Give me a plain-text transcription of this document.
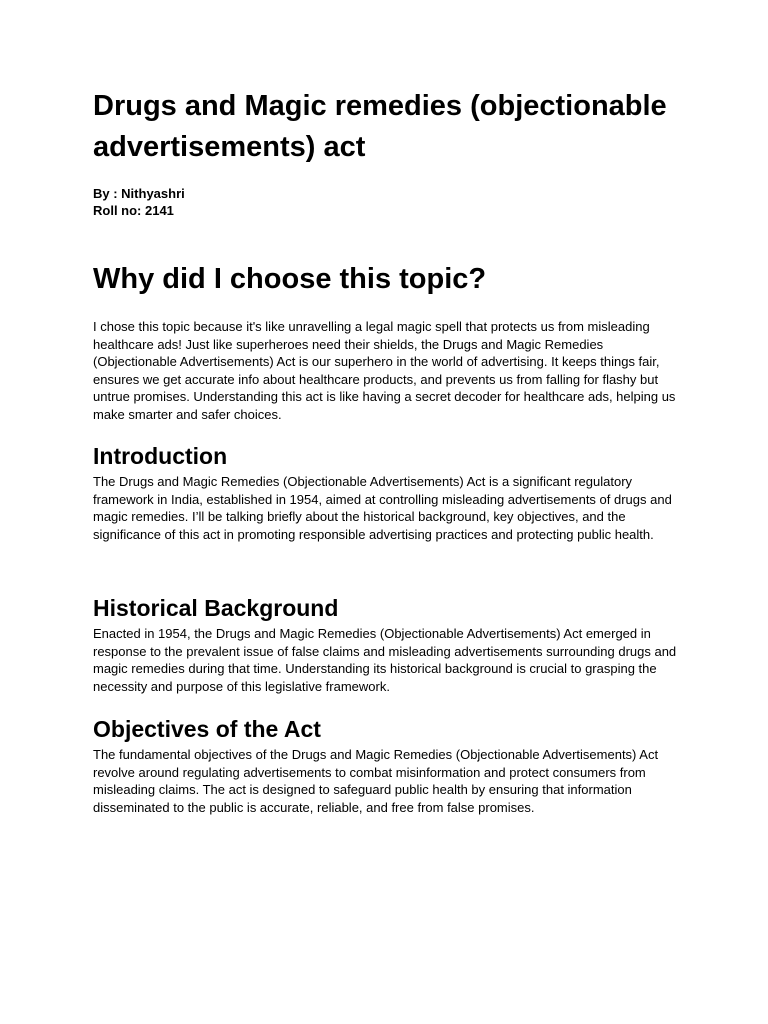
Drugs and Magic remedies (objectionable advertisements) act

By : Nithyashri
Roll no: 2141

Why did I choose this topic?

I chose this topic because it's like unravelling a legal magic spell that protects us from misleading healthcare ads! Just like superheroes need their shields, the Drugs and Magic Remedies (Objectionable Advertisements) Act is our superhero in the world of advertising. It keeps things fair, ensures we get accurate info about healthcare products, and prevents us from falling for flashy but untrue promises. Understanding this act is like having a secret decoder for healthcare ads, helping us make smarter and safer choices.

Introduction

The Drugs and Magic Remedies (Objectionable Advertisements) Act is a significant regulatory framework in India, established in 1954, aimed at controlling misleading advertisements of drugs and magic remedies. I’ll be talking briefly about the historical background, key objectives, and the significance of this act in promoting responsible advertising practices and protecting public health.

Historical Background

Enacted in 1954, the Drugs and Magic Remedies (Objectionable Advertisements) Act emerged in response to the prevalent issue of false claims and misleading advertisements surrounding drugs and magic remedies during that time. Understanding its historical background is crucial to grasping the necessity and purpose of this legislative framework.

Objectives of the Act

The fundamental objectives of the Drugs and Magic Remedies (Objectionable Advertisements) Act revolve around regulating advertisements to combat misinformation and protect consumers from misleading claims. The act is designed to safeguard public health by ensuring that information disseminated to the public is accurate, reliable, and free from false promises.
